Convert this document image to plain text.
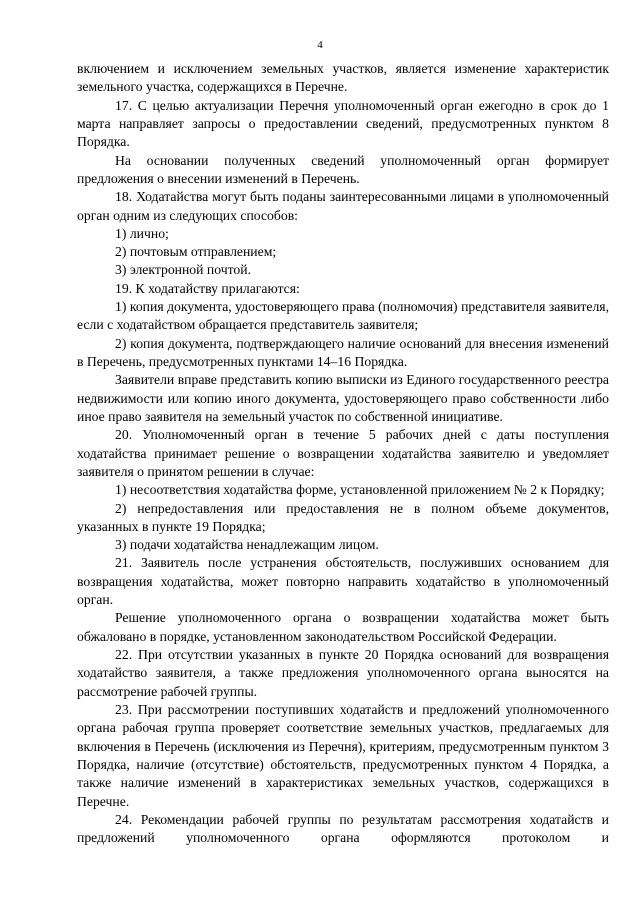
4

включением и исключением земельных участков, является изменение характеристик земельного участка, содержащихся в Перечне.

17. С целью актуализации Перечня уполномоченный орган ежегодно в срок до 1 марта направляет запросы о предоставлении сведений, предусмотренных пунктом 8 Порядка.

На основании полученных сведений уполномоченный орган формирует предложения о внесении изменений в Перечень.

18. Ходатайства могут быть поданы заинтересованными лицами в уполномоченный орган одним из следующих способов:

1) лично;

2) почтовым отправлением;

3) электронной почтой.

19. К ходатайству прилагаются:

1) копия документа, удостоверяющего права (полномочия) представителя заявителя, если с ходатайством обращается представитель заявителя;

2) копия документа, подтверждающего наличие оснований для внесения изменений в Перечень, предусмотренных пунктами 14–16 Порядка.

Заявители вправе представить копию выписки из Единого государственного реестра недвижимости или копию иного документа, удостоверяющего право собственности либо иное право заявителя на земельный участок по собственной инициативе.

20. Уполномоченный орган в течение 5 рабочих дней с даты поступления ходатайства принимает решение о возвращении ходатайства заявителю и уведомляет заявителя о принятом решении в случае:

1) несоответствия ходатайства форме, установленной приложением № 2 к Порядку;

2) непредоставления или предоставления не в полном объеме документов, указанных в пункте 19 Порядка;

3) подачи ходатайства ненадлежащим лицом.

21. Заявитель после устранения обстоятельств, послуживших основанием для возвращения ходатайства, может повторно направить ходатайство в уполномоченный орган.

Решение уполномоченного органа о возвращении ходатайства может быть обжаловано в порядке, установленном законодательством Российской Федерации.

22. При отсутствии указанных в пункте 20 Порядка оснований для возвращения ходатайство заявителя, а также предложения уполномоченного органа выносятся на рассмотрение рабочей группы.

23. При рассмотрении поступивших ходатайств и предложений уполномоченного органа рабочая группа проверяет соответствие земельных участков, предлагаемых для включения в Перечень (исключения из Перечня), критериям, предусмотренным пунктом 3 Порядка, наличие (отсутствие) обстоятельств, предусмотренных пунктом 4 Порядка, а также наличие изменений в характеристиках земельных участков, содержащихся в Перечне.

24. Рекомендации рабочей группы по результатам рассмотрения ходатайств и предложений уполномоченного органа оформляются протоколом и
